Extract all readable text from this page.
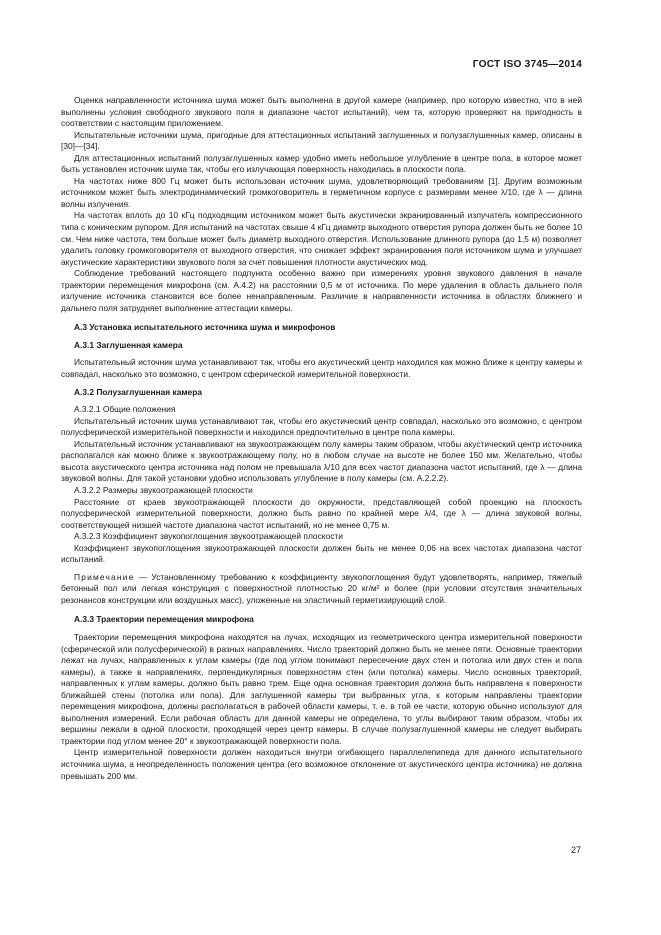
ГОСТ ISO 3745—2014

Оценка направленности источника шума может быть выполнена в другой камере (например, про которую известно, что в ней выполнены условия свободного звукового поля в диапазоне частот испытаний), чем та, которую проверяют на пригодность в соответствии с настоящим приложением.

Испытательные источники шума, пригодные для аттестационных испытаний заглушенных и полузаглушенных камер, описаны в [30]—[34].

Для аттестационных испытаний полузаглушенных камер удобно иметь небольшое углубление в центре пола, в которое может быть установлен источник шума так, чтобы его излучающая поверхность находилась в плоскости пола.

На частотах ниже 800 Гц может быть использован источник шума, удовлетворяющий требованиям [1]. Другим возможным источником может быть электродинамический громкоговоритель в герметичном корпусе с размерами менее λ/10, где λ — длина волны излучения.

На частотах вплоть до 10 кГц подходящим источником может быть акустически экранированный излучатель компрессионного типа с коническим рупором. Для испытаний на частотах свыше 4 кГц диаметр выходного отверстия рупора должен быть не более 10 см. Чем ниже частота, тем больше может быть диаметр выходного отверстия. Использование длинного рупора (до 1,5 м) позволяет удалить головку громкоговорителя от выходного отверстия, что снижает эффект экранирования поля источником шума и улучшает акустические характеристики звукового поля за счет повышения плотности акустических мод.

Соблюдение требований настоящего подпункта особенно важно при измерениях уровня звукового давления в начале траектории перемещения микрофона (см. А.4.2) на расстоянии 0,5 м от источника. По мере удаления в область дальнего поля излучение источника становится все более ненаправленным. Различие в направленности источника в областях ближнего и дальнего поля затрудняет выполнение аттестации камеры.

А.3 Установка испытательного источника шума и микрофонов

А.3.1 Заглушенная камера

Испытательный источник шума устанавливают так, чтобы его акустический центр находился как можно ближе к центру камеры и совпадал, насколько это возможно, с центром сферической измерительной поверхности.

А.3.2 Полузаглушенная камера

А.3.2.1 Общие положения

Испытательный источник шума устанавливают так, чтобы его акустический центр совпадал, насколько это возможно, с центром полусферической измерительной поверхности и находился предпочтительно в центре пола камеры.

Испытательный источник устанавливают на звукоотражающем полу камеры таким образом, чтобы акустический центр источника располагался как можно ближе к звукоотражающему полу, но в любом случае на высоте не более 150 мм. Желательно, чтобы высота акустического центра источника над полом не превышала λ/10 для всех частот диапазона частот испытаний, где λ — длина звуковой волны. Для такой установки удобно использовать углубление в полу камеры (см. А.2.2.2).

А.3.2.2 Размеры звукоотражающей плоскости

Расстояние от краев звукоотражающей плоскости до окружности, представляющей собой проекцию на плоскость полусферической измерительной поверхности, должно быть равно по крайней мере λ/4, где λ — длина звуковой волны, соответствующей низшей частоте диапазона частот испытаний, но не менее 0,75 м.

А.3.2.3 Коэффициент звукопоглощения звукоотражающей плоскости

Коэффициент звукопоглощения звукоотражающей плоскости должен быть не менее 0,06 на всех частотах диапазона частот испытаний.

Примечание — Установленному требованию к коэффициенту звукопоглощения будут удовлетворять, например, тяжелый бетонный пол или легкая конструкция с поверхностной плотностью 20 кг/м² и более (при условии отсутствия значительных резонансов конструкции или воздушных масс), уложенные на эластичный герметизирующий слой.

А.3.3 Траектории перемещения микрофона

Траектории перемещения микрофона находятся на лучах, исходящих из геометрического центра измерительной поверхности (сферической или полусферической) в разных направлениях. Число траекторий должно быть не менее пяти. Основные траектории лежат на лучах, направленных к углам камеры (где под углом понимают пересечение двух стен и потолка или двух стен и пола камеры), а также в направлениях, перпендикулярных поверхностям стен (или потолка) камеры. Число основных траекторий, направленных к углам камеры, должно быть равно трем. Еще одна основная траектория должна быть направлена к поверхности ближайшей стены (потолка или пола). Для заглушенной камеры три выбранных угла, к которым направлены траектории перемещения микрофона, должны располагаться в рабочей области камеры, т. е. в той ее части, которую обычно используют для выполнения измерений. Если рабочая область для данной камеры не определена, то углы выбирают таким образом, чтобы их вершины лежали в одной плоскости, проходящей через центр камеры. В случае полузаглушенной камеры не следует выбирать траектории под углом менее 20° к звукоотражающей поверхности пола.

Центр измерительной поверхности должен находиться внутри огибающего параллелепипеда для данного испытательного источника шума, а неопределенность положения центра (его возможное отклонение от акустического центра источника) не должна превышать 200 мм.

27
